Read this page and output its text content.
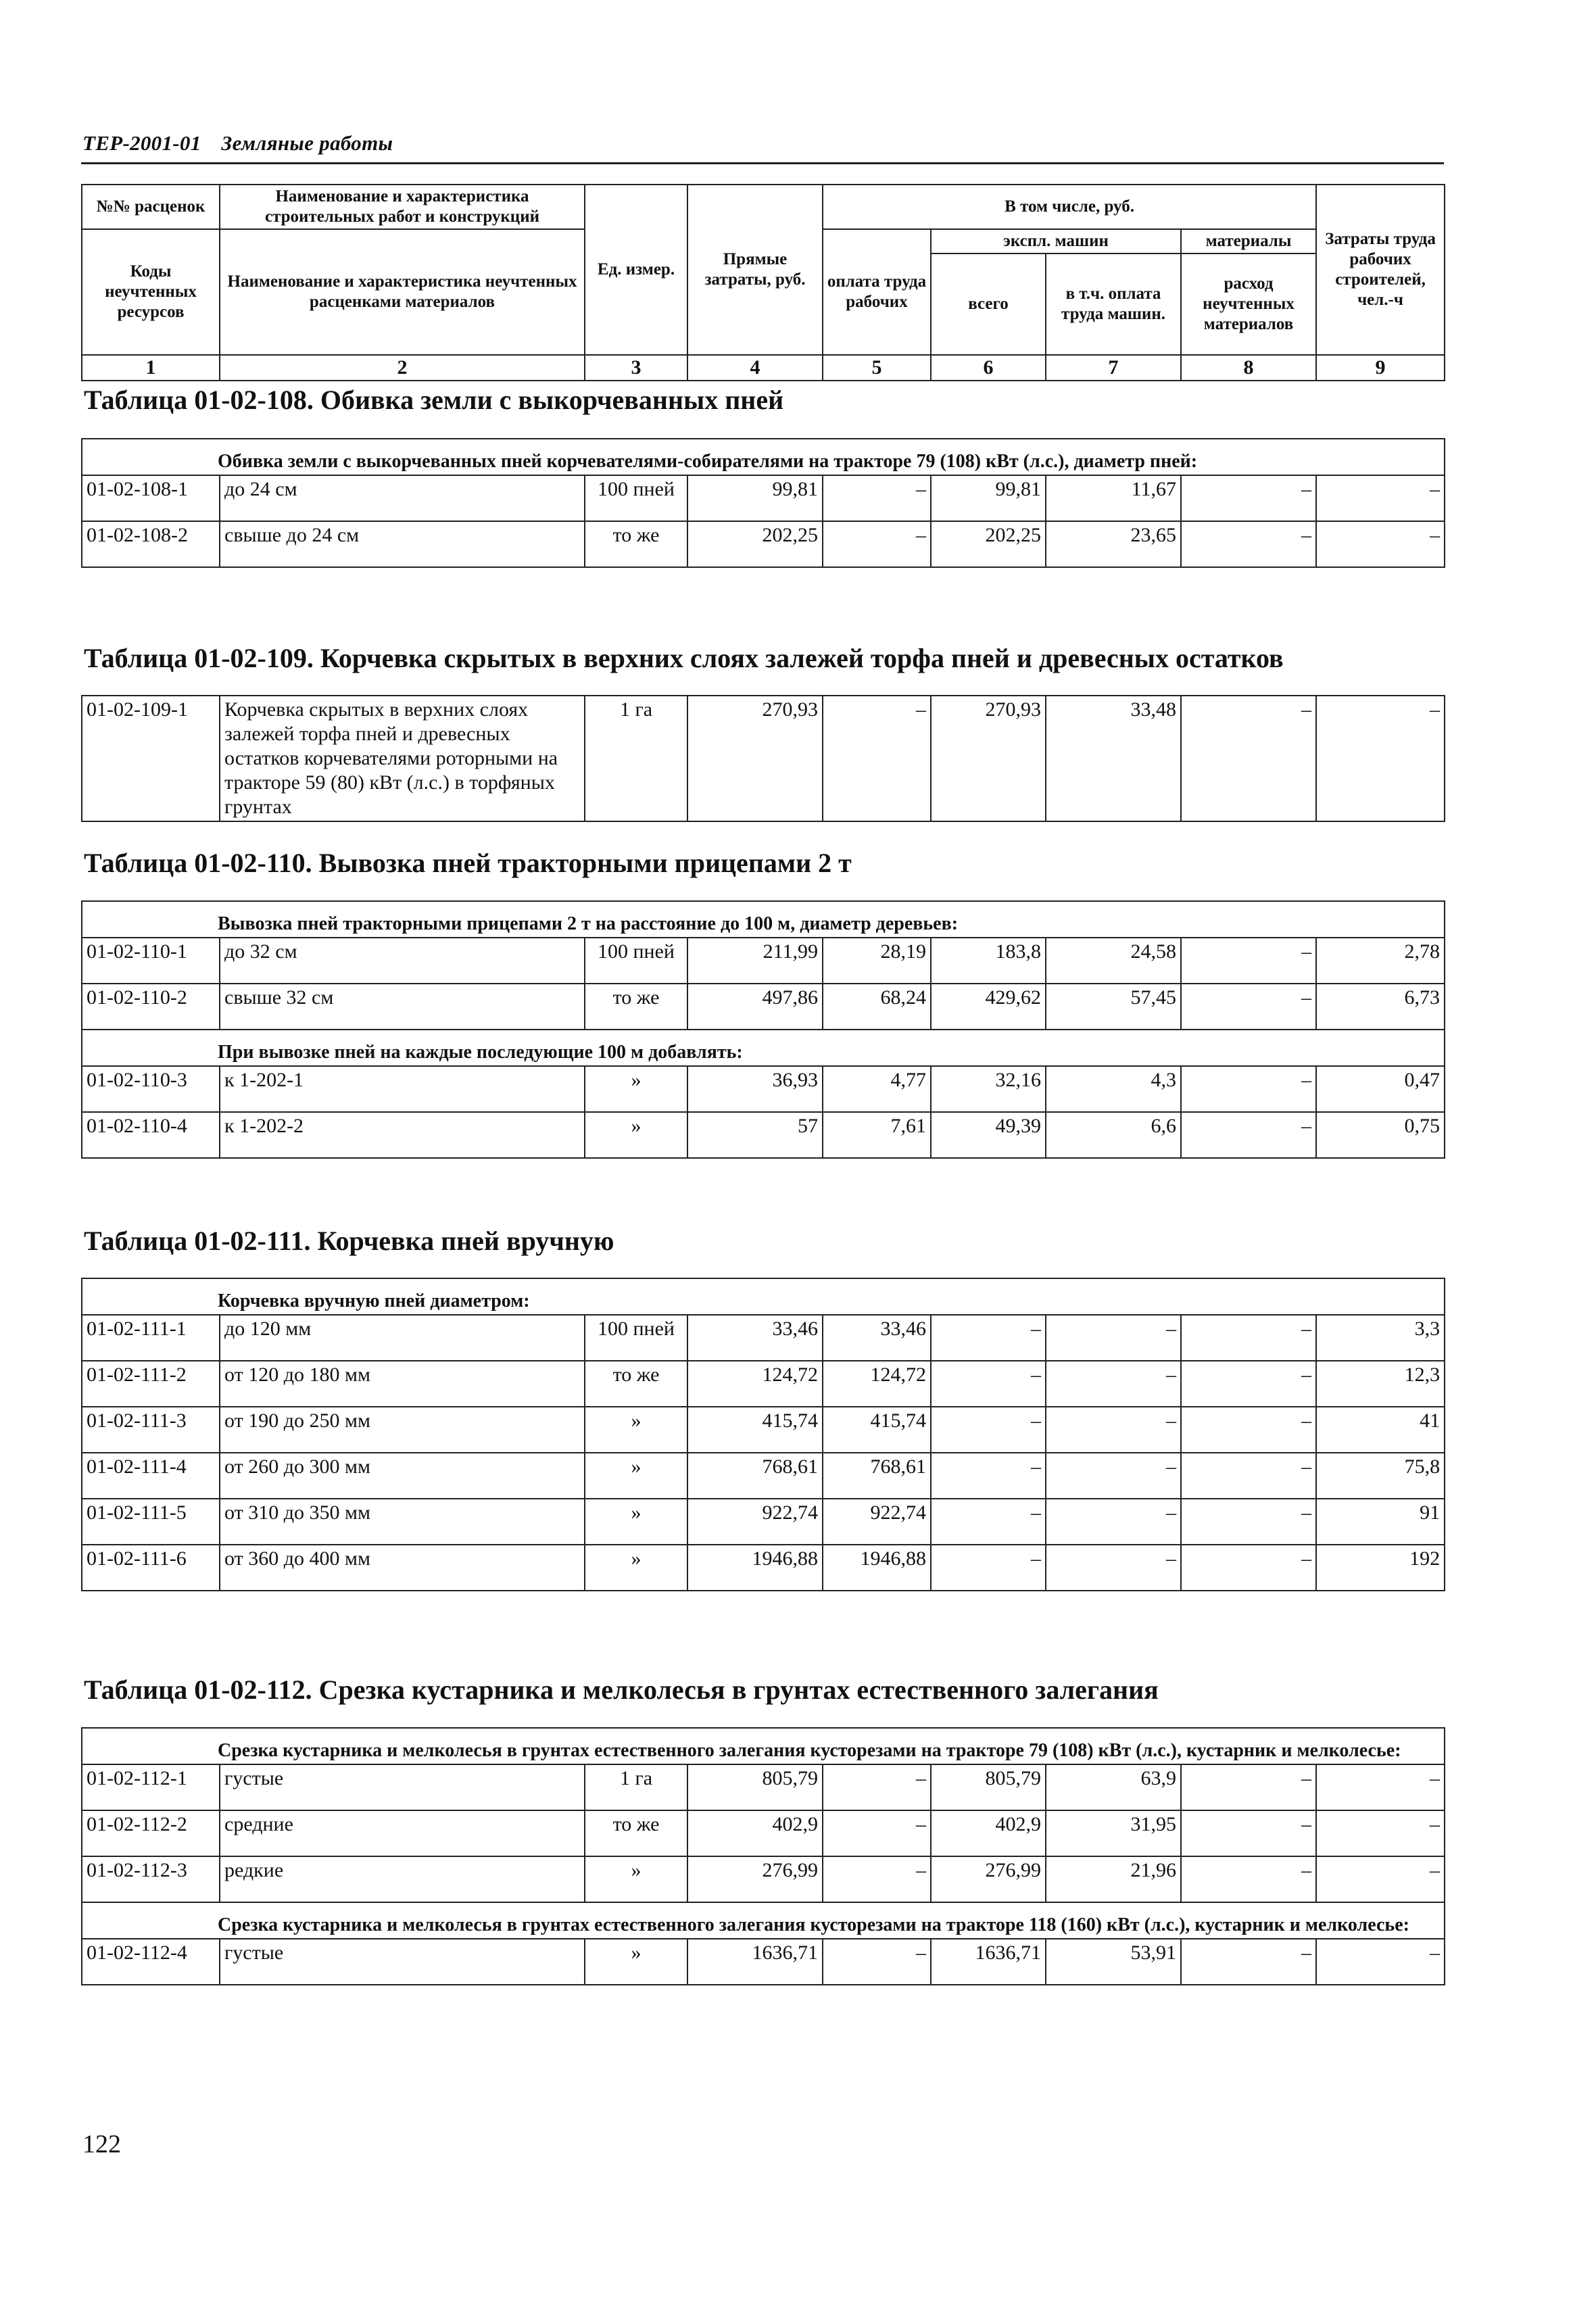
ТЕР-2001-01 Земляные работы
№№ расценок	Наименование и характеристика строительных работ и конструкций	Ед. измер.	Прямые затраты, руб.	В том числе, руб.				Затраты труда рабочих строителей, чел.-ч
Коды неучтенных ресурсов	Наименование и характеристика неучтенных расценками материалов			оплата труда рабочих	экспл. машин		материалы	
					всего	в т.ч. оплата труда машин.	расход неучтенных материалов	
1	2	3	4	5	6	7	8	9
Таблица 01-02-108. Обивка земли с выкорчеванных пней
Обивка земли с выкорчеванных пней корчевателями-собирателями на тракторе 79 (108) кВт (л.с.), диаметр пней:								
01-02-108-1	до 24 см	100 пней	99,81	–	99,81	11,67	–	–
01-02-108-2	свыше до 24 см	то же	202,25	–	202,25	23,65	–	–
Таблица 01-02-109. Корчевка скрытых в верхних слоях залежей торфа пней и древесных остатков
01-02-109-1	Корчевка скрытых в верхних слоях залежей торфа пней и древесных остатков корчевателями роторными на тракторе 59 (80) кВт (л.с.) в торфяных грунтах	1 га	270,93	–	270,93	33,48	–	–
Таблица 01-02-110. Вывозка пней тракторными прицепами 2 т
Вывозка пней тракторными прицепами 2 т на расстояние до 100 м, диаметр деревьев:								
01-02-110-1	до 32 см	100 пней	211,99	28,19	183,8	24,58	–	2,78
01-02-110-2	свыше 32 см	то же	497,86	68,24	429,62	57,45	–	6,73
При вывозке пней на каждые последующие 100 м добавлять:								
01-02-110-3	к 1-202-1	»	36,93	4,77	32,16	4,3	–	0,47
01-02-110-4	к 1-202-2	»	57	7,61	49,39	6,6	–	0,75
Таблица 01-02-111. Корчевка пней вручную
Корчевка вручную пней диаметром:								
01-02-111-1	до 120 мм	100 пней	33,46	33,46	–	–	–	3,3
01-02-111-2	от 120 до 180 мм	то же	124,72	124,72	–	–	–	12,3
01-02-111-3	от 190 до 250 мм	»	415,74	415,74	–	–	–	41
01-02-111-4	от 260 до 300 мм	»	768,61	768,61	–	–	–	75,8
01-02-111-5	от 310 до 350 мм	»	922,74	922,74	–	–	–	91
01-02-111-6	от 360 до 400 мм	»	1946,88	1946,88	–	–	–	192
Таблица 01-02-112. Срезка кустарника и мелколесья в грунтах естественного залегания
Срезка кустарника и мелколесья в грунтах естественного залегания кусторезами на тракторе 79 (108) кВт (л.с.), кустарник и мелколесье:								
01-02-112-1	густые	1 га	805,79	–	805,79	63,9	–	–
01-02-112-2	средние	то же	402,9	–	402,9	31,95	–	–
01-02-112-3	редкие	»	276,99	–	276,99	21,96	–	–
Срезка кустарника и мелколесья в грунтах естественного залегания кусторезами на тракторе 118 (160) кВт (л.с.), кустарник и мелколесье:								
01-02-112-4	густые	»	1636,71	–	1636,71	53,91	–	–
122
